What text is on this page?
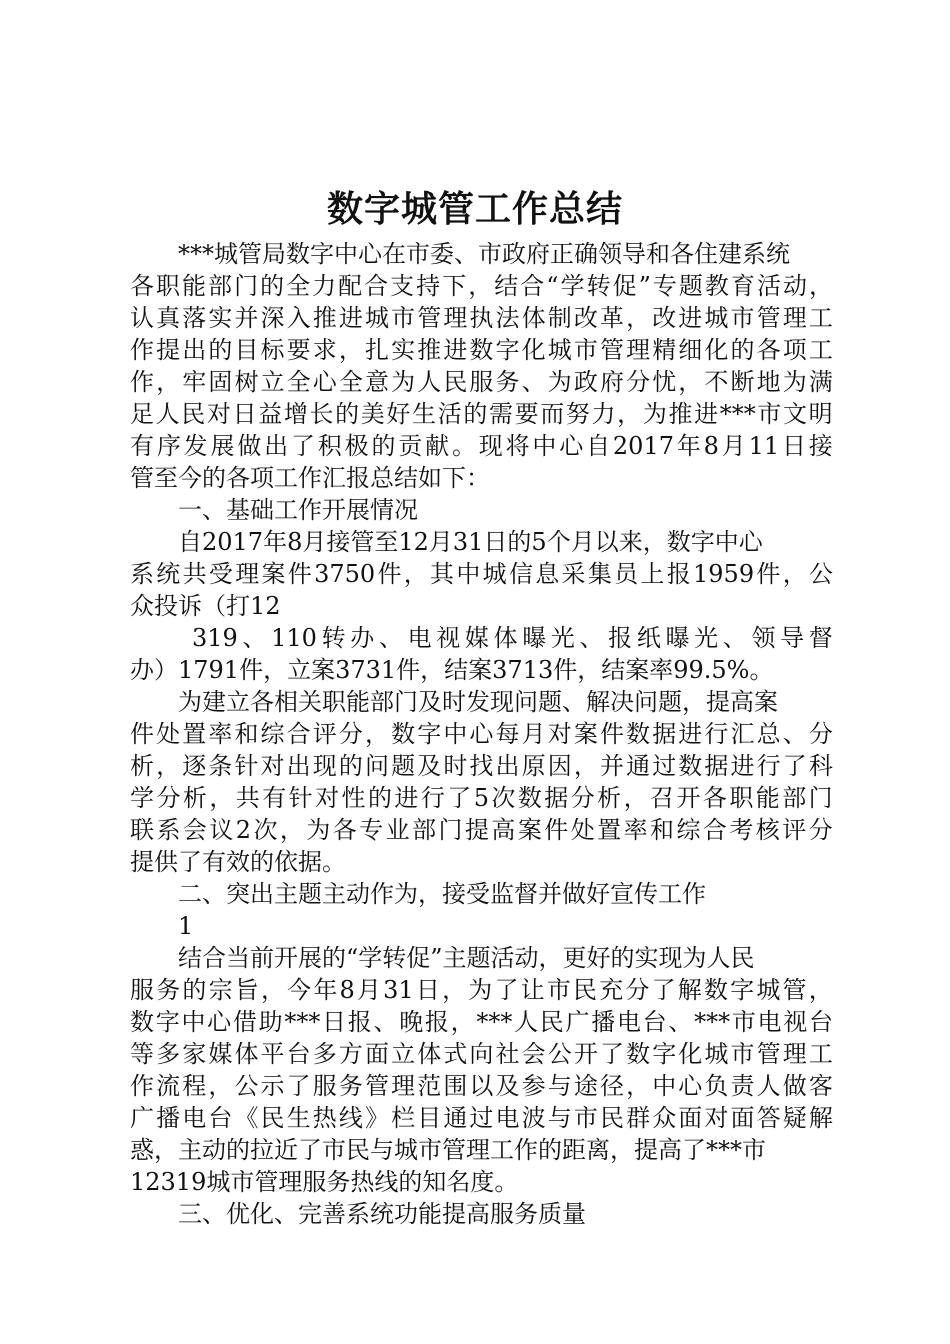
数字城管工作总结
***城管局数字中心在市委、市政府正确领导和各住建系统
各 职 能 部 门 的 全 力 配 合 支 持 下 ， 结 合 “ 学 转 促 ” 专 题 教 育 活 动 ，
认 真 落 实 并 深 入 推 进 城 市 管 理 执 法 体 制 改 革 ， 改 进 城 市 管 理 工
作 提 出 的 目 标 要 求 ， 扎 实 推 进 数 字 化 城 市 管 理 精 细 化 的 各 项 工
作 ， 牢 固 树 立 全 心 全 意 为 人 民 服 务 、 为 政 府 分 忧 ， 不 断 地 为 满
足 人 民 对 日 益 增 长 的 美 好 生 活 的 需 要 而 努 力 ， 为 推 进 *** 市 文 明
有 序 发 展 做 出 了 积 极 的 贡 献 。 现 将 中 心 自 2017 年 8 月 11 日 接
管至今的各项工作汇报总结如下：
一、基础工作开展情况
自2017年8月接管至12月31日的5个月以来，数字中心
系 统 共 受 理 案 件 3750 件 ， 其 中 城 信 息 采 集 员 上 报 1959 件 ， 公
众投诉（打12
319 、 110 转 办 、 电 视 媒 体 曝 光 、 报 纸 曝 光 、 领 导 督
办）1791件，立案3731件，结案3713件，结案率99.5%。
为建立各相关职能部门及时发现问题、解决问题，提高案
件 处 置 率 和 综 合 评 分 ， 数 字 中 心 每 月 对 案 件 数 据 进 行 汇 总 、 分
析 ， 逐 条 针 对 出 现 的 问 题 及 时 找 出 原 因 ， 并 通 过 数 据 进 行 了 科
学 分 析 ， 共 有 针 对 性 的 进 行 了 5 次 数 据 分 析 ， 召 开 各 职 能 部 门
联 系 会 议 2 次 ， 为 各 专 业 部 门 提 高 案 件 处 置 率 和 综 合 考 核 评 分
提供了有效的依据。
二、突出主题主动作为，接受监督并做好宣传工作
1
结合当前开展的“学转促”主题活动，更好的实现为人民
服 务 的 宗 旨 ， 今 年 8 月 31 日 ， 为 了 让 市 民 充 分 了 解 数 字 城 管 ，
数 字 中 心 借 助 *** 日 报 、 晚 报 ， *** 人 民 广 播 电 台 、 *** 市 电 视 台
等 多 家 媒 体 平 台 多 方 面 立 体 式 向 社 会 公 开 了 数 字 化 城 市 管 理 工
作 流 程 ， 公 示 了 服 务 管 理 范 围 以 及 参 与 途 径 ， 中 心 负 责 人 做 客
广 播 电 台 《 民 生 热 线 》 栏 目 通 过 电 波 与 市 民 群 众 面 对 面 答 疑 解
惑，主动的拉近了市民与城市管理工作的距离，提高了***市
12319城市管理服务热线的知名度。
三、优化、完善系统功能提高服务质量
